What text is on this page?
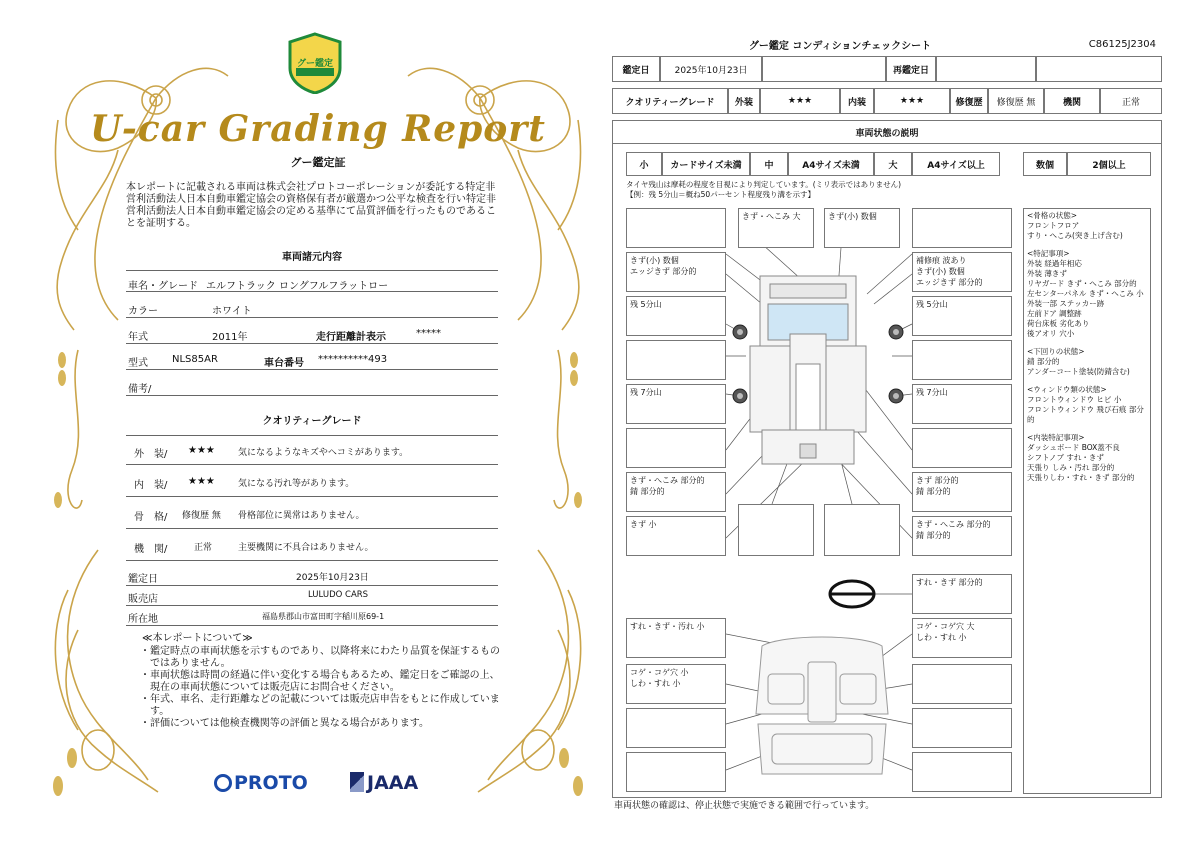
グー鑑定
U-car Grading Report
グー鑑定証
本レポートに記載される車両は株式会社プロトコーポレーションが委託する特定非営利活動法人日本自動車鑑定協会の資格保有者が厳選かつ公平な検査を行い特定非営利活動法人日本自動車鑑定協会の定める基準にて品質評価を行ったものであることを証明する。
車両諸元内容
車名・グレード エルフトラック ロングフルフラットロー
カラー	ホワイト
年式	2011年	走行距離計表示	*****
型式 NLS85AR	車台番号 **********493
備考/
クオリティーグレード
外　装/ ★★★	気になるようなキズやヘコミがあります。
内　装/ ★★★	気になる汚れ等があります。
骨　格/ 修復歴 無 骨格部位に異常はありません。
機　関/	正常	主要機関に不具合はありません。
鑑定日	2025年10月23日
販売店	LULUDO CARS
所在地	福島県郡山市富田町字稲川原69-1
≪本レポートについて≫
・鑑定時点の車両状態を示すものであり、以降将来にわたり品質を保証するものではありません。
・車両状態は時間の経過に伴い変化する場合もあるため、鑑定日をご確認の上、現在の車両状態については販売店にお問合せください。
・年式、車名、走行距離などの記載については販売店申告をもとに作成しています。
・評価については他検査機関等の評価と異なる場合があります。
PROTO	JAAA
グー鑑定 コンディションチェックシート	C86125J2304
鑑定日	2025年10月23日	再鑑定日
クオリティーグレード	外装	★★★	内装	★★★	修復歴	修復歴 無	機関	正常
車両状態の説明
小	カードサイズ未満	中	A4サイズ未満	大	A4サイズ以上	数個	2個以上
タイヤ残山は摩耗の程度を目視により判定しています。(ミリ表示ではありません)
【例：残 5分山＝概ね50パーセント程度残り溝を示す】
きず・へこみ 大	きず(小) 数個
きず(小) 数個
エッジきず 部分的
補修痕 波あり
きず(小) 数個
エッジきず 部分的
残 5分山	残 5分山
残 7分山	残 7分山
きず・へこみ 部分的
錆 部分的
きず 部分的
錆 部分的
きず 小	きず・へこみ 部分的
錆 部分的
すれ・きず 部分的
すれ・きず・汚れ 小	コゲ・コゲ穴 大
しわ・すれ 小
コゲ・コゲ穴 小
しわ・すれ 小
<骨格の状態>
フロントフロア
すり・へこみ(突き上げ含む)
<特記事項>
外装 経過年相応
外装 薄きず
リヤガード きず・へこみ 部分的
左センターパネル きず・へこみ 小
外装一部 ステッカー跡
左前ドア 調整跡
荷台床板 劣化あり
後アオリ 穴小
<下回りの状態>
錆 部分的
アンダーコート塗装(防錆含む)
<ウィンドウ類の状態>
フロントウィンドウ ヒビ 小
フロントウィンドウ 飛び石痕 部分的
<内装特記事項>
ダッシュボード BOX蓋不良
シフトノブ すれ・きず
天張り しみ・汚れ 部分的
天張りしわ・すれ・きず 部分的
車両状態の確認は、停止状態で実施できる範囲で行っています。
